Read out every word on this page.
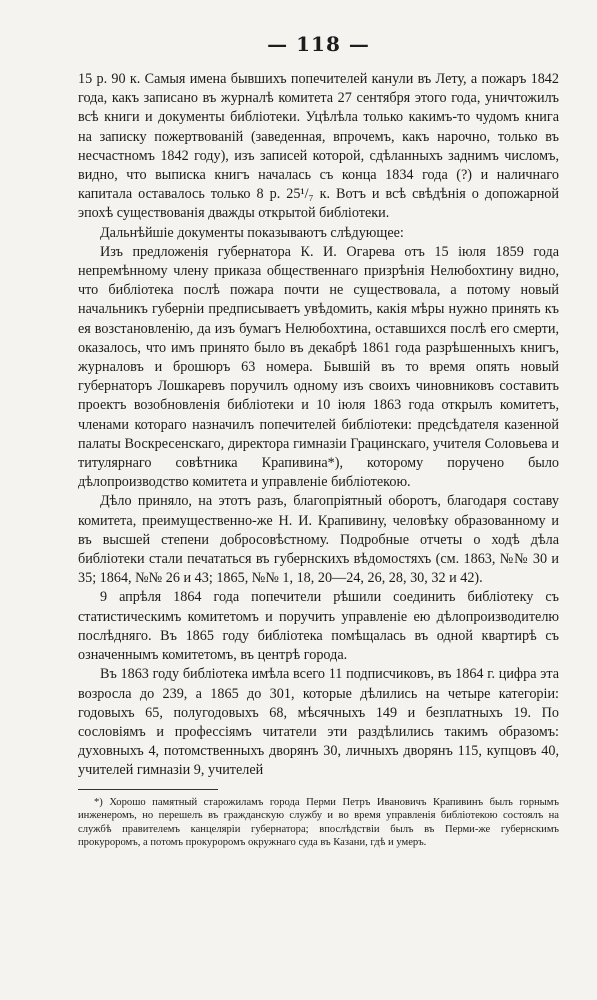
— 118 —

15 р. 90 к. Самыя имена бывшихъ попечителей канули въ Лету, а пожаръ 1842 года, какъ записано въ журналѣ комитета 27 сентября этого года, уничтожилъ всѣ книги и документы библіотеки. Уцѣлѣла только какимъ-то чудомъ книга на записку пожертвованій (заведенная, впрочемъ, какъ нарочно, только въ несчастномъ 1842 году), изъ записей которой, сдѣланныхъ заднимъ числомъ, видно, что выписка книгъ началась съ конца 1834 года (?) и наличнаго капитала оставалось только 8 р. 25¹/₇ к. Вотъ и всѣ свѣдѣнія о допожарной эпохѣ существованія дважды открытой библіотеки.

Дальнѣйшіе документы показываютъ слѣдующее:

Изъ предложенія губернатора К. И. Огарева отъ 15 іюля 1859 года непремѣнному члену приказа общественнаго призрѣнія Нелюбохтину видно, что библіотека послѣ пожара почти не существовала, а потому новый начальникъ губерніи предписываетъ увѣдомить, какія мѣры нужно принять къ ея возстановленію, да изъ бумагъ Нелюбохтина, оставшихся послѣ его смерти, оказалось, что имъ принято было въ декабрѣ 1861 года разрѣшенныхъ книгъ, журналовъ и брошюръ 63 номера. Бывшій въ то время опять новый губернаторъ Лошкаревъ поручилъ одному изъ своихъ чиновниковъ составить проектъ возобновленія библіотеки и 10 іюля 1863 года открылъ комитетъ, членами котораго назначилъ попечителей библіотеки: предсѣдателя казенной палаты Воскресенскаго, директора гимназіи Грацинскаго, учителя Соловьева и титулярнаго совѣтника Крапивина*), которому поручено было дѣлопроизводство комитета и управленіе библіотекою.

Дѣло приняло, на этотъ разъ, благопріятный оборотъ, благодаря составу комитета, преимущественно-же Н. И. Крапивину, человѣку образованному и въ высшей степени добросовѣстному. Подробные отчеты о ходѣ дѣла библіотеки стали печататься въ губернскихъ вѣдомостяхъ (см. 1863, №№ 30 и 35; 1864, №№ 26 и 43; 1865, №№ 1, 18, 20—24, 26, 28, 30, 32 и 42).

9 апрѣля 1864 года попечители рѣшили соединить библіотеку съ статистическимъ комитетомъ и поручить управленіе ею дѣлопроизводителю послѣдняго. Въ 1865 году библіотека помѣщалась въ одной квартирѣ съ означеннымъ комитетомъ, въ центрѣ города.

Въ 1863 году библіотека имѣла всего 11 подписчиковъ, въ 1864 г. цифра эта возросла до 239, а 1865 до 301, которые дѣлились на четыре категоріи: годовыхъ 65, полугодовыхъ 68, мѣсячныхъ 149 и безплатныхъ 19. По сословіямъ и профессіямъ читатели эти раздѣлились такимъ образомъ: духовныхъ 4, потомственныхъ дворянъ 30, личныхъ дворянъ 115, купцовъ 40, учителей гимназіи 9, учителей

*) Хорошо памятный старожиламъ города Перми Петръ Ивановичъ Крапивинъ былъ горнымъ инженеромъ, но перешелъ въ гражданскую службу и во время управленія библіотекою состоялъ на службѣ правителемъ канцеляріи губернатора; впослѣдствіи былъ въ Перми-же губернскимъ прокуроромъ, а потомъ прокуроромъ окружнаго суда въ Казани, гдѣ и умеръ.
